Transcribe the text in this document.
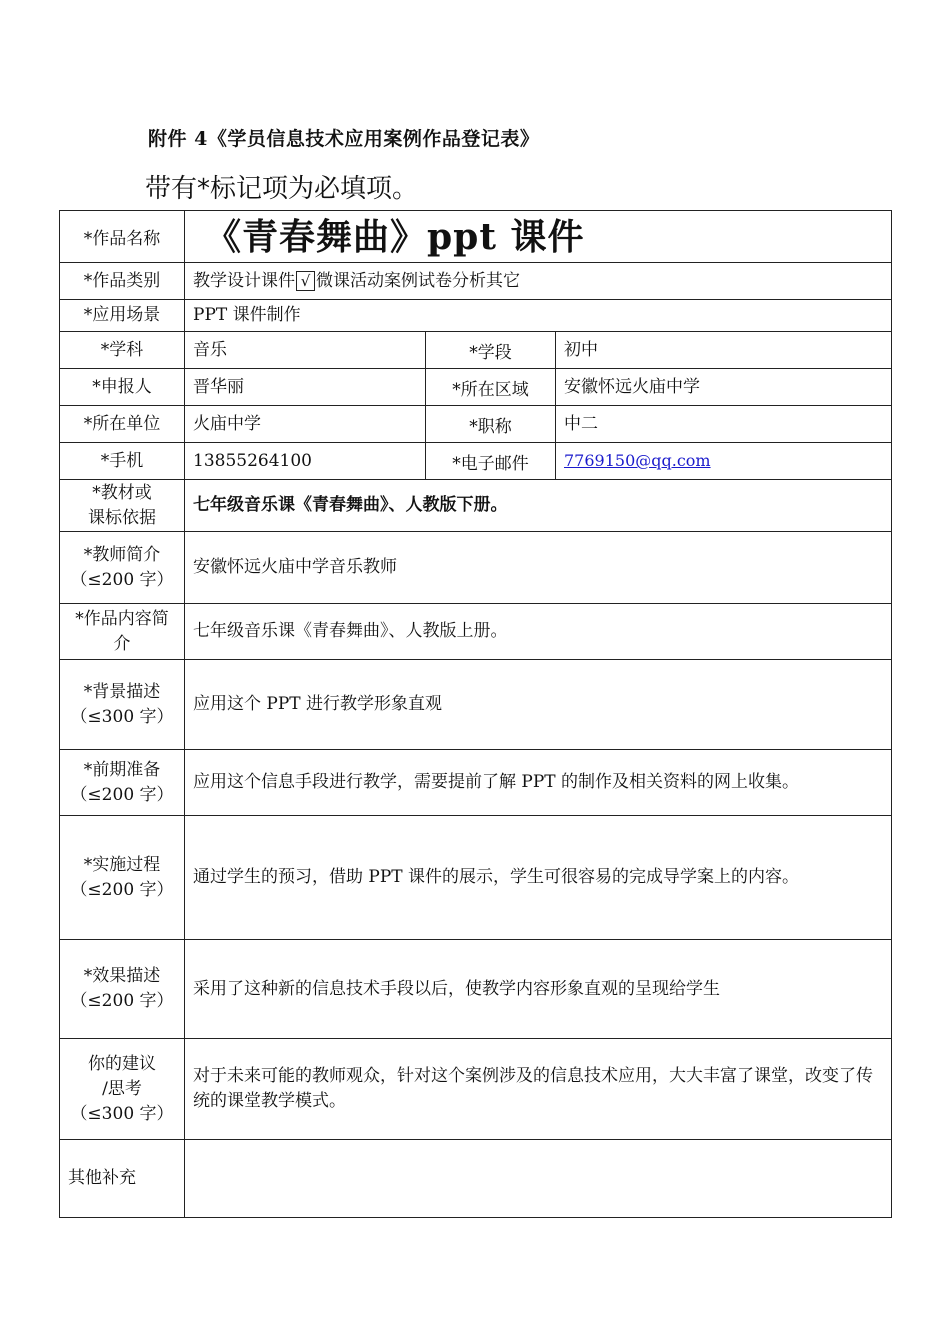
附件 4《学员信息技术应用案例作品登记表》
带有*标记项为必填项。
*作品名称	《青春舞曲》ppt 课件		
*作品类别	教学设计课件 √ 微课活动案例试卷分析其它		
*应用场景	PPT 课件制作		
*学科	音乐	*学段	初中
*申报人	晋华丽	*所在区域	安徽怀远火庙中学
*所在单位	火庙中学	*职称	中二
*手机	13855264100	*电子邮件	7769150@qq.com

*教材或
课标依据	七年级音乐课《青春舞曲》、人教版下册。		

*教师简介
（≤200 字）	安徽怀远火庙中学音乐教师		

*作品内容简
介	七年级音乐课《青春舞曲》、人教版上册。		

*背景描述
（≤300 字）	应用这个 PPT 进行教学形象直观		

*前期准备
（≤200 字）	应用这个信息手段进行教学，需要提前了解 PPT 的制作及相关资料的网上收集。		

*实施过程
（≤200 字）	通过学生的预习，借助 PPT 课件的展示，学生可很容易的完成导学案上的内容。		

*效果描述
（≤200 字）	采用了这种新的信息技术手段以后，使教学内容形象直观的呈现给学生		

你的建议
/思考
（≤300 字）	对于未来可能的教师观众，针对这个案例涉及的信息技术应用，大大丰富了课堂，改变了传统的课堂教学模式。		
其他补充			
